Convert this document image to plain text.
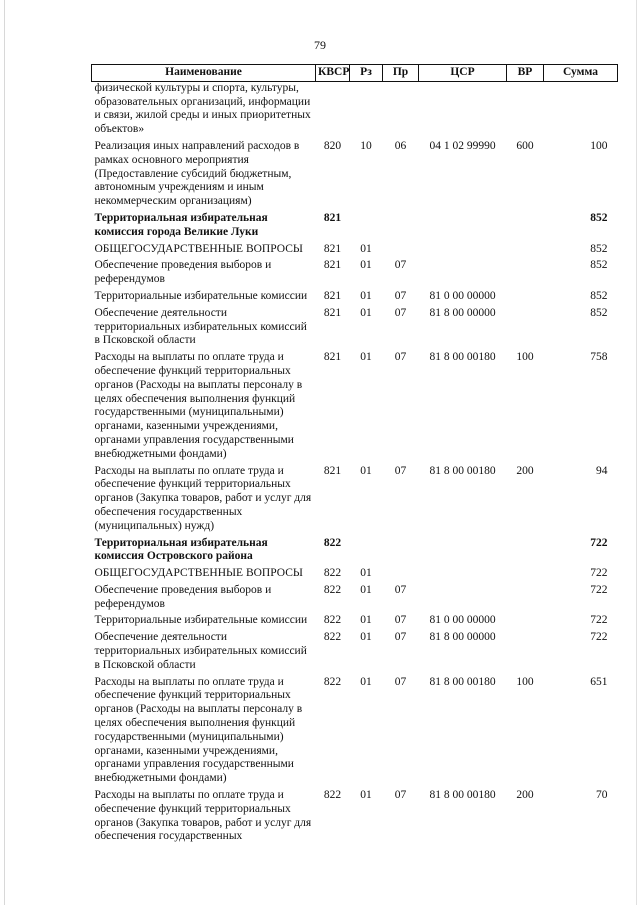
79
Наименование	КВСР	Рз	Пр	ЦСР	ВР	Сумма
физической культуры и спорта, культуры, образовательных организаций, информации и связи, жилой среды и иных приоритетных объектов»						
Реализация иных направлений расходов в рамках основного мероприятия (Предоставление субсидий бюджетным, автономным учреждениям и иным некоммерческим организациям)	820	10	06	04 1 02 99990	600	100
Территориальная избирательная комиссия города Великие Луки	821					852
ОБЩЕГОСУДАРСТВЕННЫЕ ВОПРОСЫ	821	01				852
Обеспечение проведения выборов и референдумов	821	01	07			852
Территориальные избирательные комиссии	821	01	07	81 0 00 00000		852
Обеспечение деятельности территориальных избирательных комиссий в Псковской области	821	01	07	81 8 00 00000		852
Расходы на выплаты по оплате труда и обеспечение функций территориальных органов (Расходы на выплаты персоналу в целях обеспечения выполнения функций государственными (муниципальными) органами, казенными учреждениями, органами управления государственными внебюджетными фондами)	821	01	07	81 8 00 00180	100	758
Расходы на выплаты по оплате труда и обеспечение функций территориальных органов (Закупка товаров, работ и услуг для обеспечения государственных (муниципальных) нужд)	821	01	07	81 8 00 00180	200	94
Территориальная избирательная комиссия Островского района	822					722
ОБЩЕГОСУДАРСТВЕННЫЕ ВОПРОСЫ	822	01				722
Обеспечение проведения выборов и референдумов	822	01	07			722
Территориальные избирательные комиссии	822	01	07	81 0 00 00000		722
Обеспечение деятельности территориальных избирательных комиссий в Псковской области	822	01	07	81 8 00 00000		722
Расходы на выплаты по оплате труда и обеспечение функций территориальных органов (Расходы на выплаты персоналу в целях обеспечения выполнения функций государственными (муниципальными) органами, казенными учреждениями, органами управления государственными внебюджетными фондами)	822	01	07	81 8 00 00180	100	651
Расходы на выплаты по оплате труда и обеспечение функций территориальных органов (Закупка товаров, работ и услуг для обеспечения государственных	822	01	07	81 8 00 00180	200	70
